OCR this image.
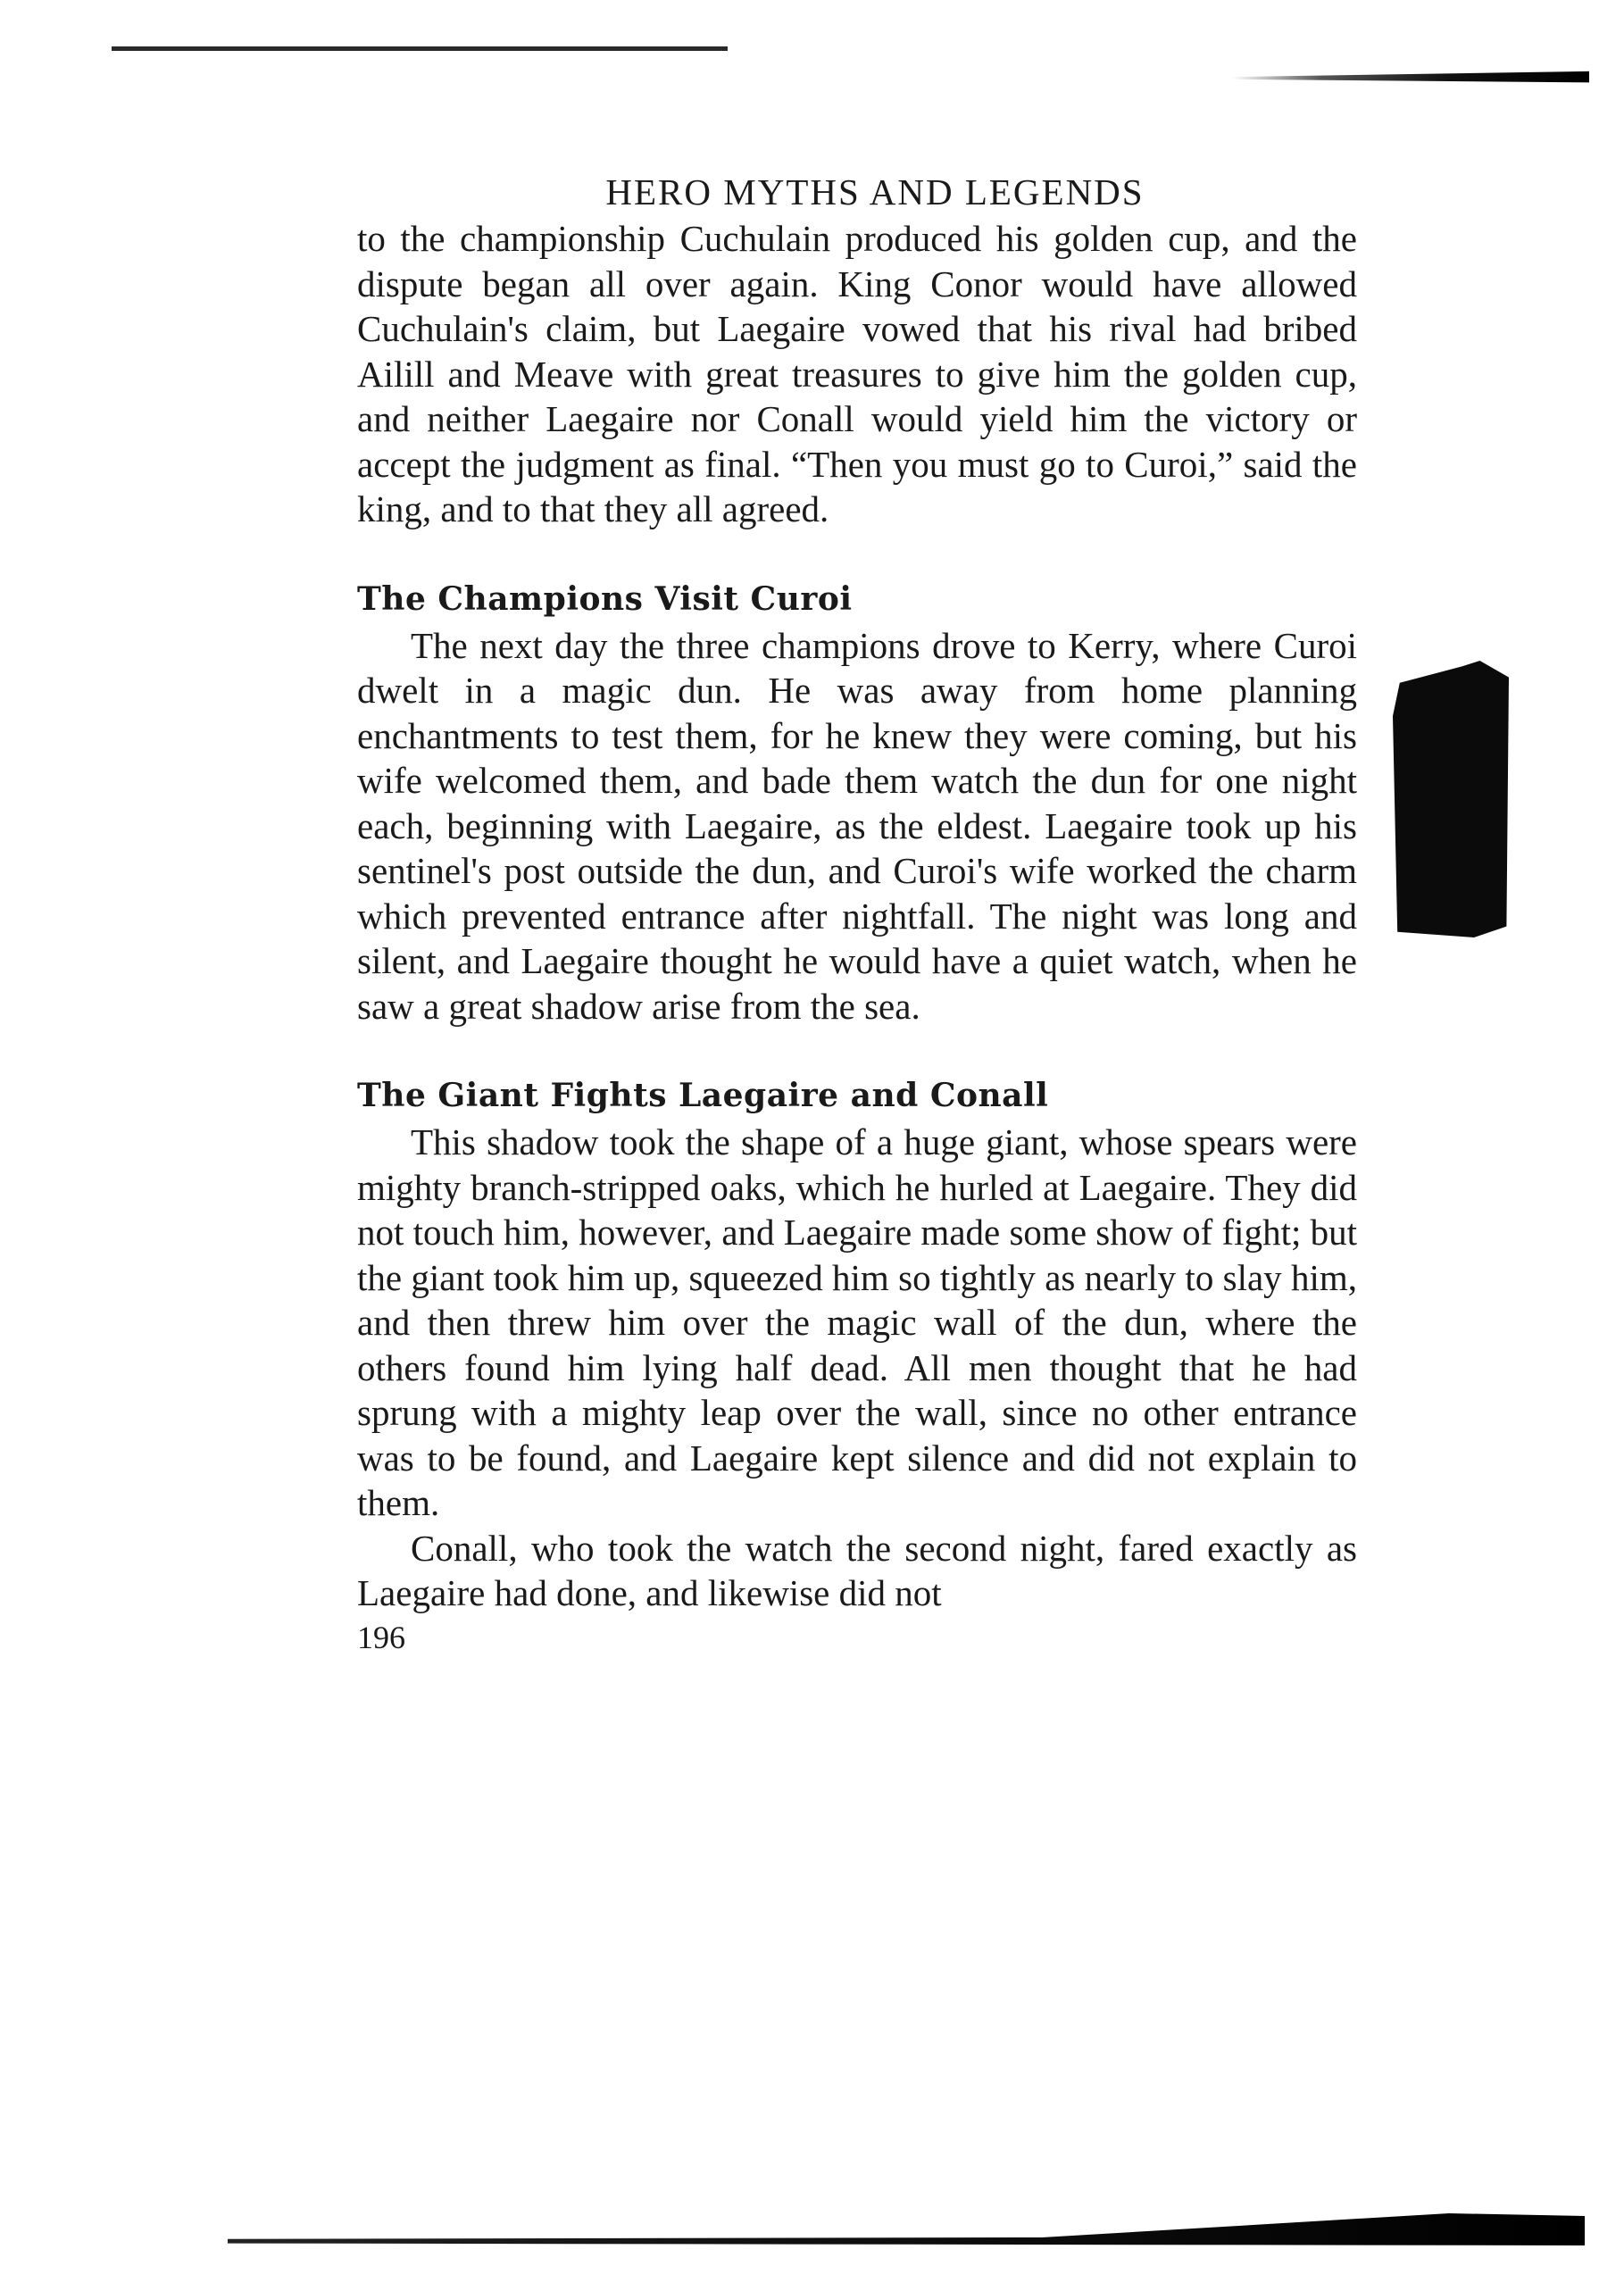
HERO MYTHS AND LEGENDS

to the championship Cuchulain produced his golden cup, and the dispute began all over again. King Conor would have allowed Cuchulain's claim, but Laegaire vowed that his rival had bribed Ailill and Meave with great treasures to give him the golden cup, and neither Laegaire nor Conall would yield him the victory or accept the judgment as final. “Then you must go to Curoi,” said the king, and to that they all agreed.

The Champions Visit Curoi

The next day the three champions drove to Kerry, where Curoi dwelt in a magic dun. He was away from home planning enchantments to test them, for he knew they were coming, but his wife welcomed them, and bade them watch the dun for one night each, beginning with Laegaire, as the eldest. Laegaire took up his sentinel's post outside the dun, and Curoi's wife worked the charm which prevented entrance after nightfall. The night was long and silent, and Laegaire thought he would have a quiet watch, when he saw a great shadow arise from the sea.

The Giant Fights Laegaire and Conall

This shadow took the shape of a huge giant, whose spears were mighty branch-stripped oaks, which he hurled at Laegaire. They did not touch him, however, and Laegaire made some show of fight; but the giant took him up, squeezed him so tightly as nearly to slay him, and then threw him over the magic wall of the dun, where the others found him lying half dead. All men thought that he had sprung with a mighty leap over the wall, since no other entrance was to be found, and Laegaire kept silence and did not explain to them.

Conall, who took the watch the second night, fared exactly as Laegaire had done, and likewise did not

196
